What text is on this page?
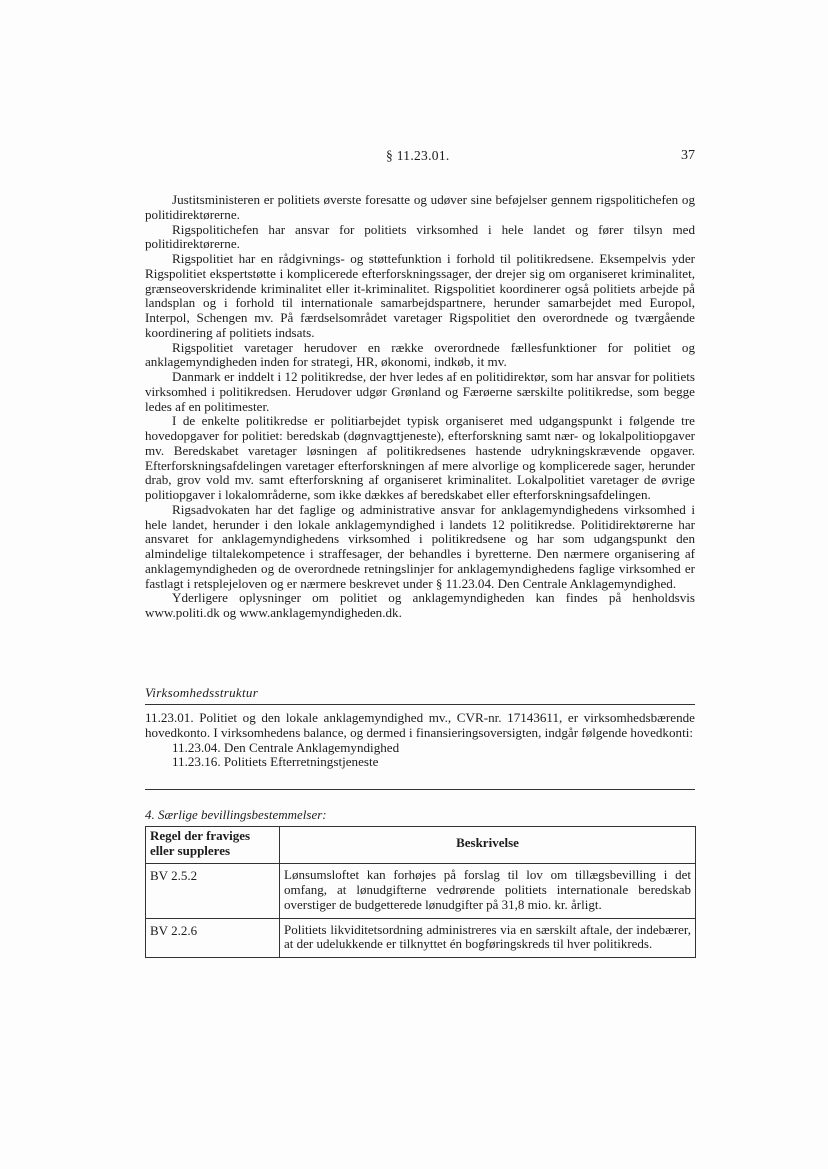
§ 11.23.01.	37

Justitsministeren er politiets øverste foresatte og udøver sine beføjelser gennem rigspolitichefen og politidirektørerne.

Rigspolitichefen har ansvar for politiets virksomhed i hele landet og fører tilsyn med politidirektørerne.

Rigspolitiet har en rådgivnings- og støttefunktion i forhold til politikredsene. Eksempelvis yder Rigspolitiet ekspertstøtte i komplicerede efterforskningssager, der drejer sig om organiseret kriminalitet, grænseoverskridende kriminalitet eller it-kriminalitet. Rigspolitiet koordinerer også politiets arbejde på landsplan og i forhold til internationale samarbejdspartnere, herunder samarbejdet med Europol, Interpol, Schengen mv. På færdselsområdet varetager Rigspolitiet den overordnede og tværgående koordinering af politiets indsats.

Rigspolitiet varetager herudover en række overordnede fællesfunktioner for politiet og anklagemyndigheden inden for strategi, HR, økonomi, indkøb, it mv.

Danmark er inddelt i 12 politikredse, der hver ledes af en politidirektør, som har ansvar for politiets virksomhed i politikredsen. Herudover udgør Grønland og Færøerne særskilte politikredse, som begge ledes af en politimester.

I de enkelte politikredse er politiarbejdet typisk organiseret med udgangspunkt i følgende tre hovedopgaver for politiet: beredskab (døgnvagttjeneste), efterforskning samt nær- og lokalpolitiopgaver mv. Beredskabet varetager løsningen af politikredsenes hastende udrykningskrævende opgaver. Efterforskningsafdelingen varetager efterforskningen af mere alvorlige og komplicerede sager, herunder drab, grov vold mv. samt efterforskning af organiseret kriminalitet. Lokalpolitiet varetager de øvrige politiopgaver i lokalområderne, som ikke dækkes af beredskabet eller efterforskningsafdelingen.

Rigsadvokaten har det faglige og administrative ansvar for anklagemyndighedens virksomhed i hele landet, herunder i den lokale anklagemyndighed i landets 12 politikredse. Politidirektørerne har ansvaret for anklagemyndighedens virksomhed i politikredsene og har som udgangspunkt den almindelige tiltalekompetence i straffesager, der behandles i byretterne. Den nærmere organisering af anklagemyndigheden og de overordnede retningslinjer for anklagemyndighedens faglige virksomhed er fastlagt i retsplejeloven og er nærmere beskrevet under § 11.23.04. Den Centrale Anklagemyndighed.

Yderligere oplysninger om politiet og anklagemyndigheden kan findes på henholdsvis www.politi.dk og www.anklagemyndigheden.dk.

Virksomhedsstruktur

11.23.01. Politiet og den lokale anklagemyndighed mv., CVR-nr. 17143611, er virksomhedsbærende hovedkonto. I virksomhedens balance, og dermed i finansieringsoversigten, indgår følgende hovedkonti:

11.23.04. Den Centrale Anklagemyndighed

11.23.16. Politiets Efterretningstjeneste

4. Særlige bevillingsbestemmelser:
Regel der fraviges eller suppleres	Beskrivelse
BV 2.5.2	Lønsumsloftet kan forhøjes på forslag til lov om tillægsbevilling i det omfang, at lønudgifterne vedrørende politiets internationale beredskab overstiger de budgetterede lønudgifter på 31,8 mio. kr. årligt.
BV 2.2.6	Politiets likviditetsordning administreres via en særskilt aftale, der indebærer, at der udelukkende er tilknyttet én bogføringskreds til hver politikreds.
